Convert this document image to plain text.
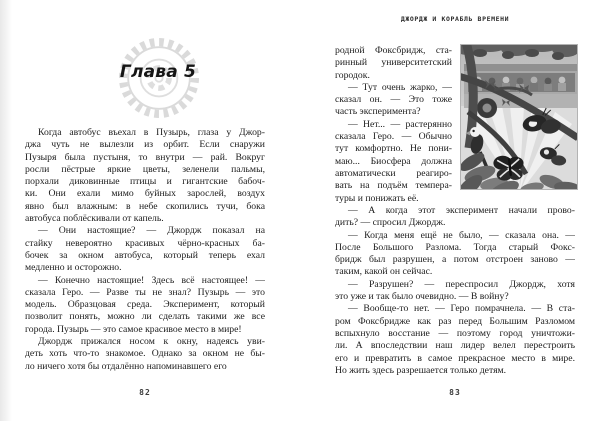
Глава 5
Когда автобус въехал в Пузырь, глаза у Джор-
джа чуть не вылезли из орбит. Если снаружи
Пузыря была пустыня, то внутри — рай. Вокруг
росли пёстрые яркие цветы, зеленели пальмы,
порхали диковинные птицы и гигантские бабоч-
ки. Они ехали мимо буйных зарослей, воздух
явно был влажным: в небе скопились тучи, бока
автобуса поблёскивали от капель.
— Они настоящие? — Джордж показал на
стайку невероятно красивых чёрно-красных ба-
бочек за окном автобуса, который теперь ехал
медленно и осторожно.
— Конечно настоящие! Здесь всё настоящее! —
сказала Геро. — Разве ты не знал? Пузырь — это
модель. Образцовая среда. Эксперимент, который
позволит понять, можно ли сделать такими же все
города. Пузырь — это самое красивое место в мире!
Джордж прижался носом к окну, надеясь уви-
деть хоть что-то знакомое. Однако за окном не бы-
ло ничего хотя бы отдалённо напоминавшего его
82
ДЖОРДЖ И КОРАБЛЬ ВРЕМЕНИ
родной Фоксбридж, ста-
ринный университетский
городок.
— Тут очень жарко, —
сказал он. — Это тоже
часть эксперимента?
— Нет... — растерянно
сказала Геро. — Обычно
тут комфортно. Не пони-
маю... Биосфера должна
автоматически реагиро-
вать на подъём темпера-
туры и понижать её.
— А когда этот эксперимент начали прово-
дить? — спросил Джордж.
— Когда меня ещё не было, — сказала она. —
После Большого Разлома. Тогда старый Фокс-
бридж был разрушен, а потом отстроен заново —
таким, какой он сейчас.
— Разрушен? — переспросил Джордж, хотя
это уже и так было очевидно. — В войну?
— Вообще-то нет. — Геро помрачнела. — В ста-
ром Фоксбридже как раз перед Большим Разломом
вспыхнуло восстание — поэтому город уничтожи-
ли. А впоследствии наш лидер велел перестроить
его и превратить в самое прекрасное место в мире.
Но жить здесь разрешается только детям.
83
